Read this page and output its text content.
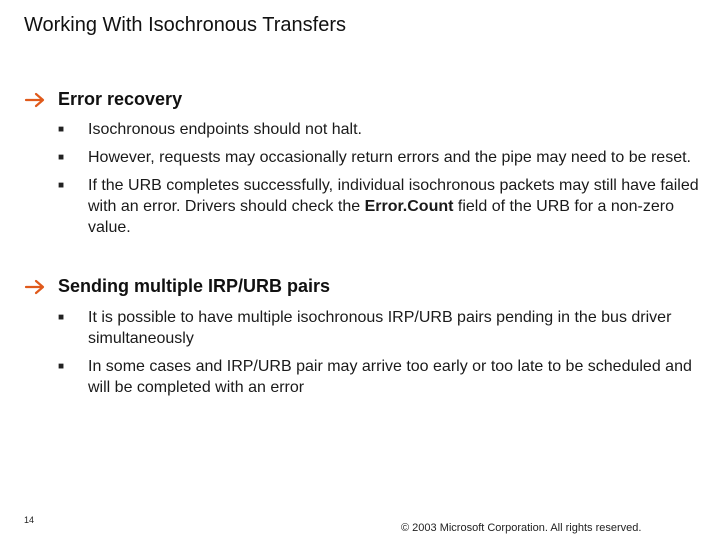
Working With Isochronous Transfers
Error recovery
■ Isochronous endpoints should not halt.
■ However, requests may occasionally return errors and the pipe may need to be reset.
■ If the URB completes successfully, individual isochronous packets may still have failed with an error. Drivers should check the Error.Count field of the URB for a non-zero value.
Sending multiple IRP/URB pairs
■ It is possible to have multiple isochronous IRP/URB pairs pending in the bus driver simultaneously
■ In some cases and IRP/URB pair may arrive too early or too late to be scheduled and will be completed with an error
14
© 2003 Microsoft Corporation. All rights reserved.
